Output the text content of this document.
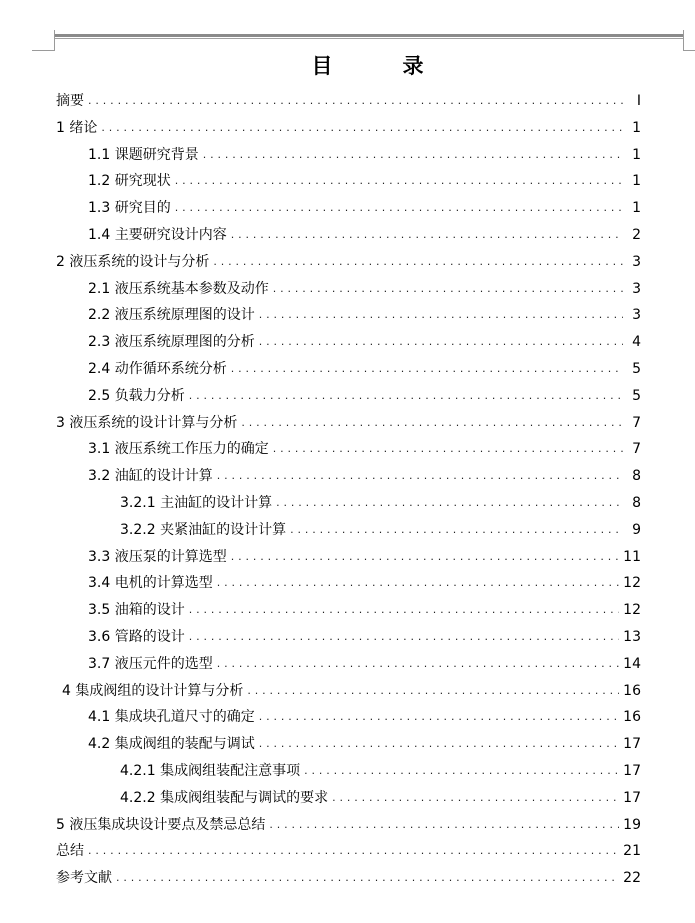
目	录
摘要 . . .	I
1 绪论 . . .	1
1.1 课题研究背景 . . .	1
1.2 研究现状 . . .	1
1.3 研究目的 . . .	1
1.4 主要研究设计内容 . . .	2
2 液压系统的设计与分析 . . .	3
2.1 液压系统基本参数及动作 . . .	3
2.2 液压系统原理图的设计 . . .	3
2.3 液压系统原理图的分析 . . .	4
2.4 动作循环系统分析 . . .	5
2.5 负载力分析 . . .	5
3 液压系统的设计计算与分析 . . .	7
3.1 液压系统工作压力的确定 . . .	7
3.2 油缸的设计计算 . . .	8
3.2.1 主油缸的设计计算 . . .	8
3.2.2 夹紧油缸的设计计算 . . .	9
3.3 液压泵的计算选型 . . .	11
3.4 电机的计算选型 . . .	12
3.5 油箱的设计 . . .	12
3.6 管路的设计 . . .	13
3.7 液压元件的选型 . . .	14
4 集成阀组的设计计算与分析 . . .	16
4.1 集成块孔道尺寸的确定 . . .	16
4.2 集成阀组的装配与调试 . . .	17
4.2.1 集成阀组装配注意事项 . . .	17
4.2.2 集成阀组装配与调试的要求 . . .	17
5 液压集成块设计要点及禁忌总结 . . .	19
总结 . . .	21
参考文献 . . .	22
